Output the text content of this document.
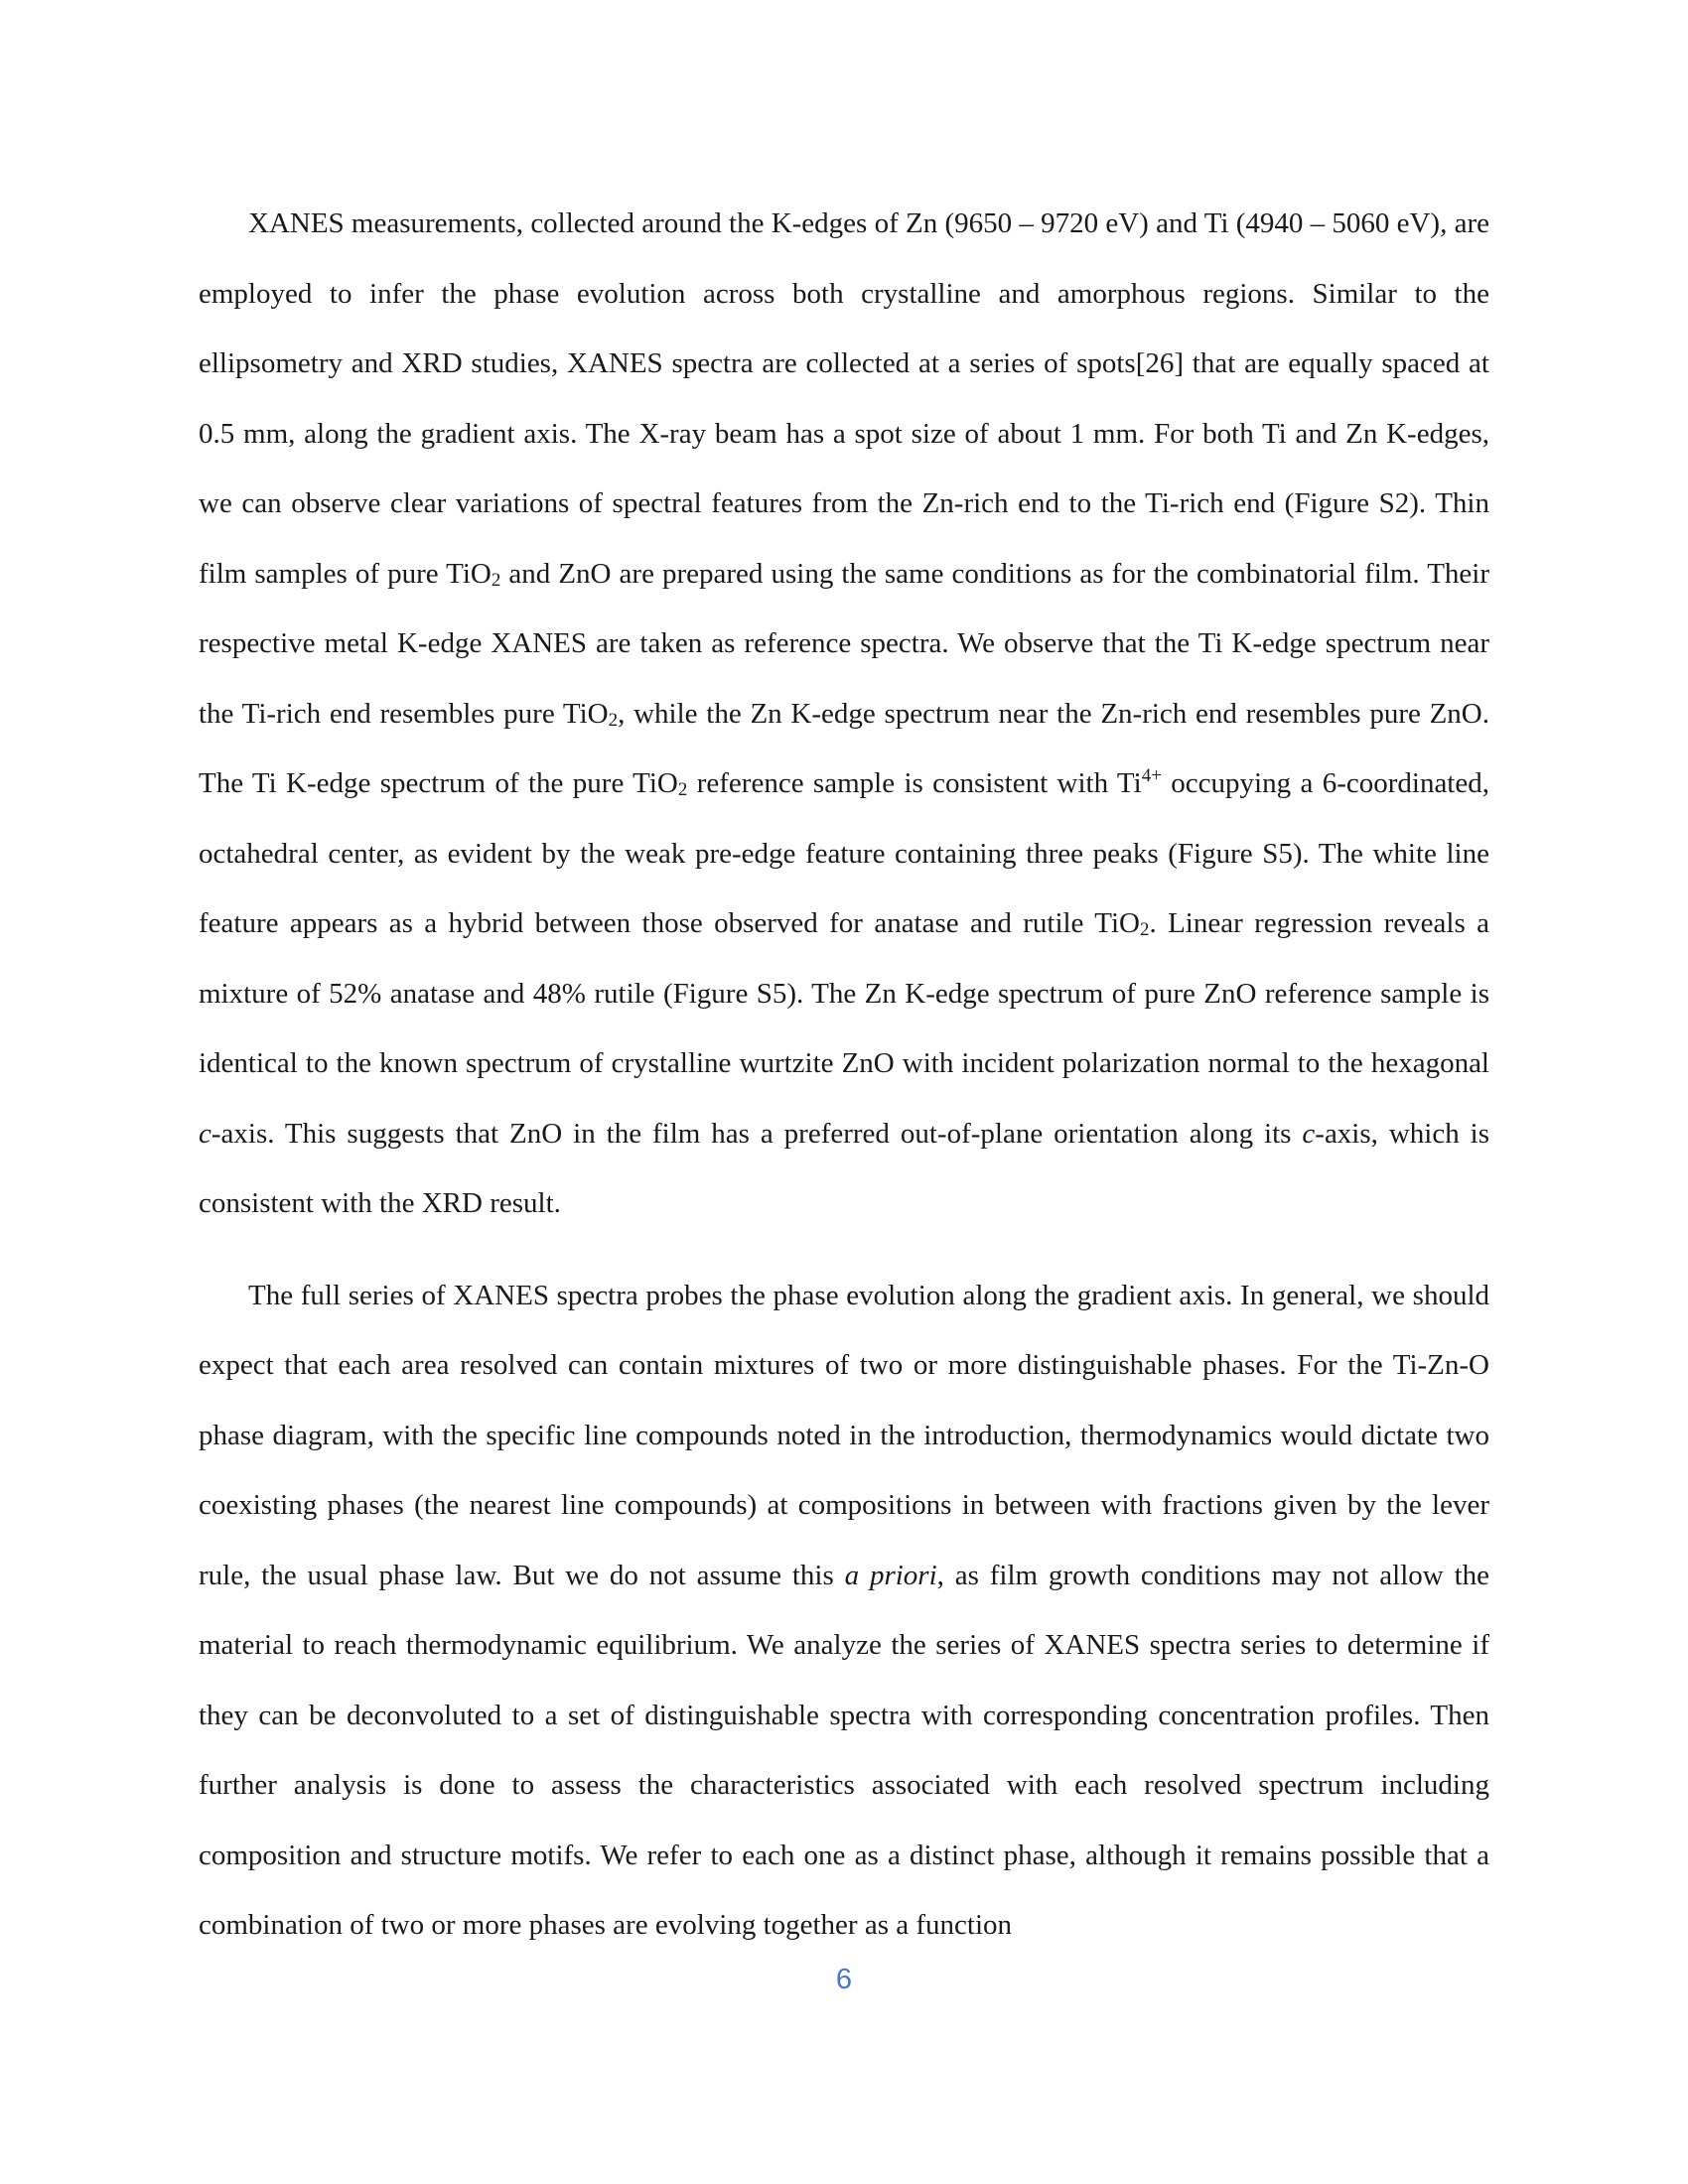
XANES measurements, collected around the K-edges of Zn (9650 – 9720 eV) and Ti (4940 – 5060 eV), are employed to infer the phase evolution across both crystalline and amorphous regions. Similar to the ellipsometry and XRD studies, XANES spectra are collected at a series of spots[26] that are equally spaced at 0.5 mm, along the gradient axis. The X-ray beam has a spot size of about 1 mm. For both Ti and Zn K-edges, we can observe clear variations of spectral features from the Zn-rich end to the Ti-rich end (Figure S2). Thin film samples of pure TiO$_2$ and ZnO are prepared using the same conditions as for the combinatorial film. Their respective metal K-edge XANES are taken as reference spectra. We observe that the Ti K-edge spectrum near the Ti-rich end resembles pure TiO$_2$, while the Zn K-edge spectrum near the Zn-rich end resembles pure ZnO. The Ti K-edge spectrum of the pure TiO$_2$ reference sample is consistent with $Ti^{4+}$ occupying a 6-coordinated, octahedral center, as evident by the weak pre-edge feature containing three peaks (Figure S5). The white line feature appears as a hybrid between those observed for anatase and rutile TiO$_2$. Linear regression reveals a mixture of 52% anatase and 48% rutile (Figure S5). The Zn K-edge spectrum of pure ZnO reference sample is identical to the known spectrum of crystalline wurtzite ZnO with incident polarization normal to the hexagonal c-axis. This suggests that ZnO in the film has a preferred out-of-plane orientation along its c-axis, which is consistent with the XRD result.

The full series of XANES spectra probes the phase evolution along the gradient axis. In general, we should expect that each area resolved can contain mixtures of two or more distinguishable phases. For the Ti-Zn-O phase diagram, with the specific line compounds noted in the introduction, thermodynamics would dictate two coexisting phases (the nearest line compounds) at compositions in between with fractions given by the lever rule, the usual phase law. But we do not assume this a priori, as film growth conditions may not allow the material to reach thermodynamic equilibrium. We analyze the series of XANES spectra series to determine if they can be deconvoluted to a set of distinguishable spectra with corresponding concentration profiles. Then further analysis is done to assess the characteristics associated with each resolved spectrum including composition and structure motifs. We refer to each one as a distinct phase, although it remains possible that a combination of two or more phases are evolving together as a function

6
